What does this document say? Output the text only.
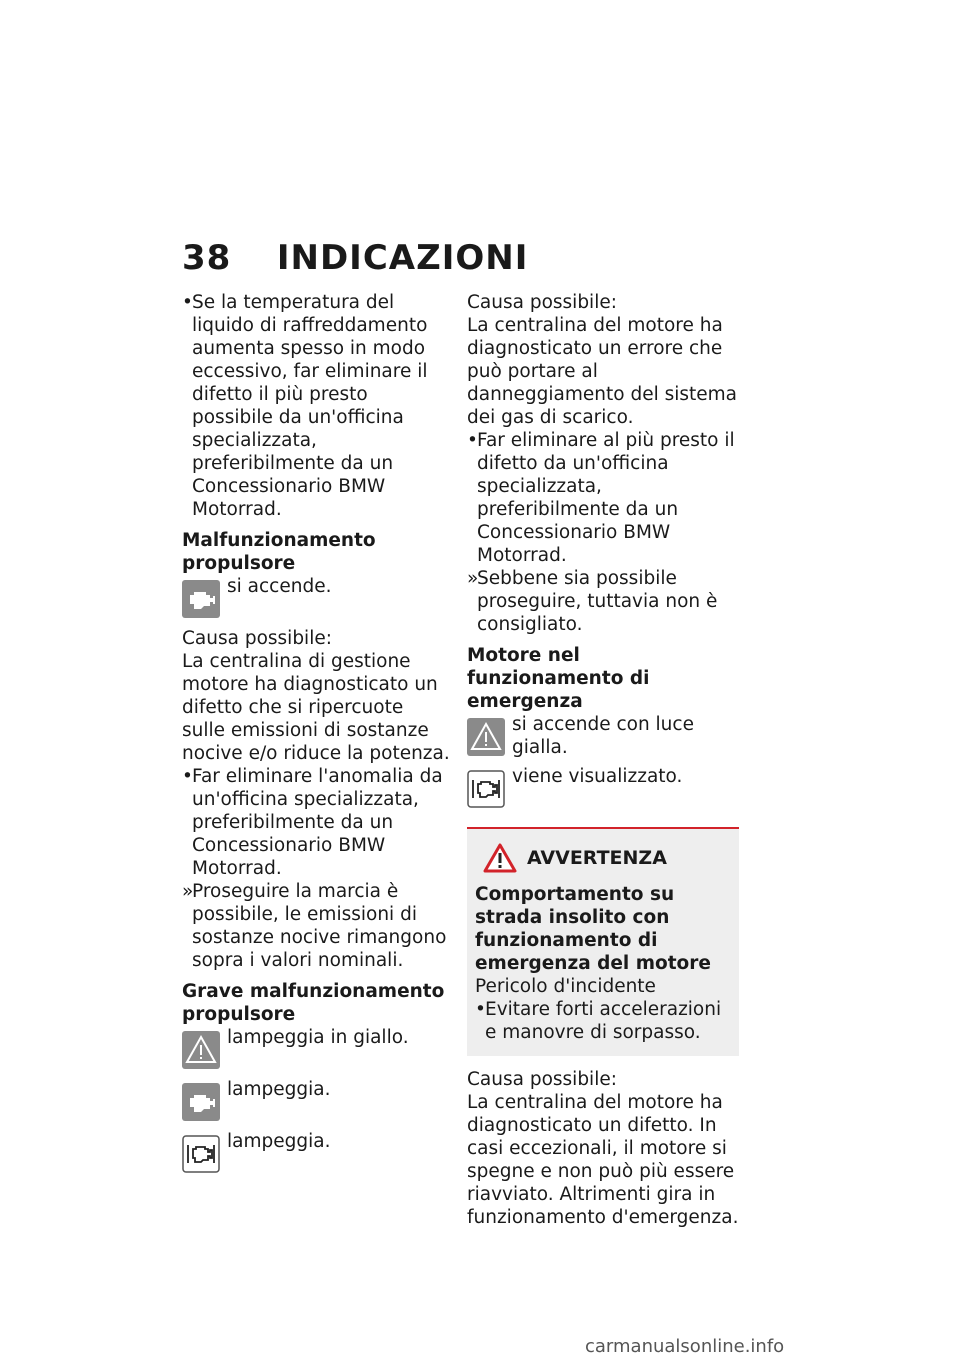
38 INDICAZIONI

• Se la temperatura del liquido di raffreddamento aumenta spesso in modo eccessivo, far eliminare il difetto il più presto possibile da un'officina specializzata, preferibilmente da un Concessionario BMW Motorrad.

Malfunzionamento propulsore

si accende.

Causa possibile:

La centralina di gestione motore ha diagnosticato un difetto che si ripercuote sulle emissioni di sostanze nocive e/o riduce la potenza.

• Far eliminare l'anomalia da un'officina specializzata, preferibilmente da un Concessionario BMW Motorrad.

»
Proseguire la marcia è possibile, le emissioni di sostanze nocive rimangono sopra i valori nominali.

Grave malfunzionamento propulsore

lampeggia in giallo.
lampeggia.
lampeggia.

Causa possibile:

La centralina del motore ha diagnosticato un errore che può portare al danneggiamento del sistema dei gas di scarico.

• Far eliminare al più presto il difetto da un'officina specializzata, preferibilmente da un Concessionario BMW Motorrad.

»
Sebbene sia possibile proseguire, tuttavia non è consigliato.

Motore nel funzionamento di emergenza

si accende con luce gialla.
viene visualizzato.
AVVERTENZA

Comportamento su strada insolito con funzionamento di emergenza del motore

Pericolo d'incidente

• Evitare forti accelerazioni e manovre di sorpasso.

Causa possibile:

La centralina del motore ha diagnosticato un difetto. In casi eccezionali, il motore si spegne e non può più essere riavviato. Altrimenti gira in funzionamento d'emergenza.

carmanualsonline.info
